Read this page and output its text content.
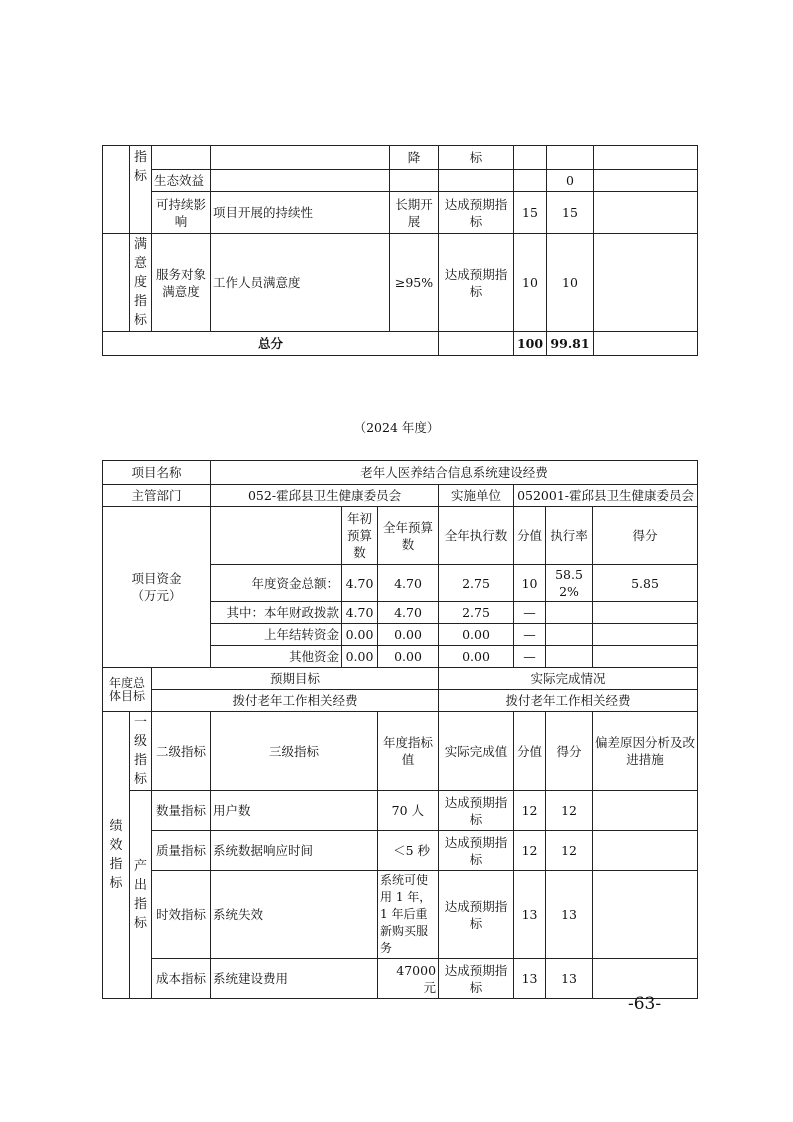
	指
标			降	标			
		生态效益					0	
		可持续影响	项目开展的持续性	长期开展	达成预期指标	15	15	
	满意度指标	服务对象满意度	工作人员满意度	≥95%	达成预期指标	10	10	
总分						100	99.81	
（2024 年度）
项目名称			老年人医养结合信息系统建设经费						
主管部门			052-霍邱县卫生健康委员会			实施单位	052001-霍邱县卫生健康委员会		
项目资金（万元）				年初预算数	全年预算数	全年执行数	分值	执行率	得分
			年度资金总额：	4.70	4.70	2.75	10	58.52%	5.85
			其中：本年财政拨款	4.70	4.70	2.75	—		
			上年结转资金	0.00	0.00	0.00	—		
			其他资金	0.00	0.00	0.00	—		
年度总体目标		预期目标				实际完成情况			
		拨付老年工作相关经费				拨付老年工作相关经费			
绩效指标	一级指标	二级指标	三级指标		年度指标值	实际完成值	分值	得分	偏差原因分析及改进措施
	产出指标	数量指标	用户数		70 人	达成预期指标	12	12	
		质量指标	系统数据响应时间		＜5 秒	达成预期指标	12	12	
		时效指标	系统失效		系统可使用 1 年，1 年后重新购买服务	达成预期指标	13	13	
		成本指标	系统建设费用		47000 元	达成预期指标	13	13	
-63-
